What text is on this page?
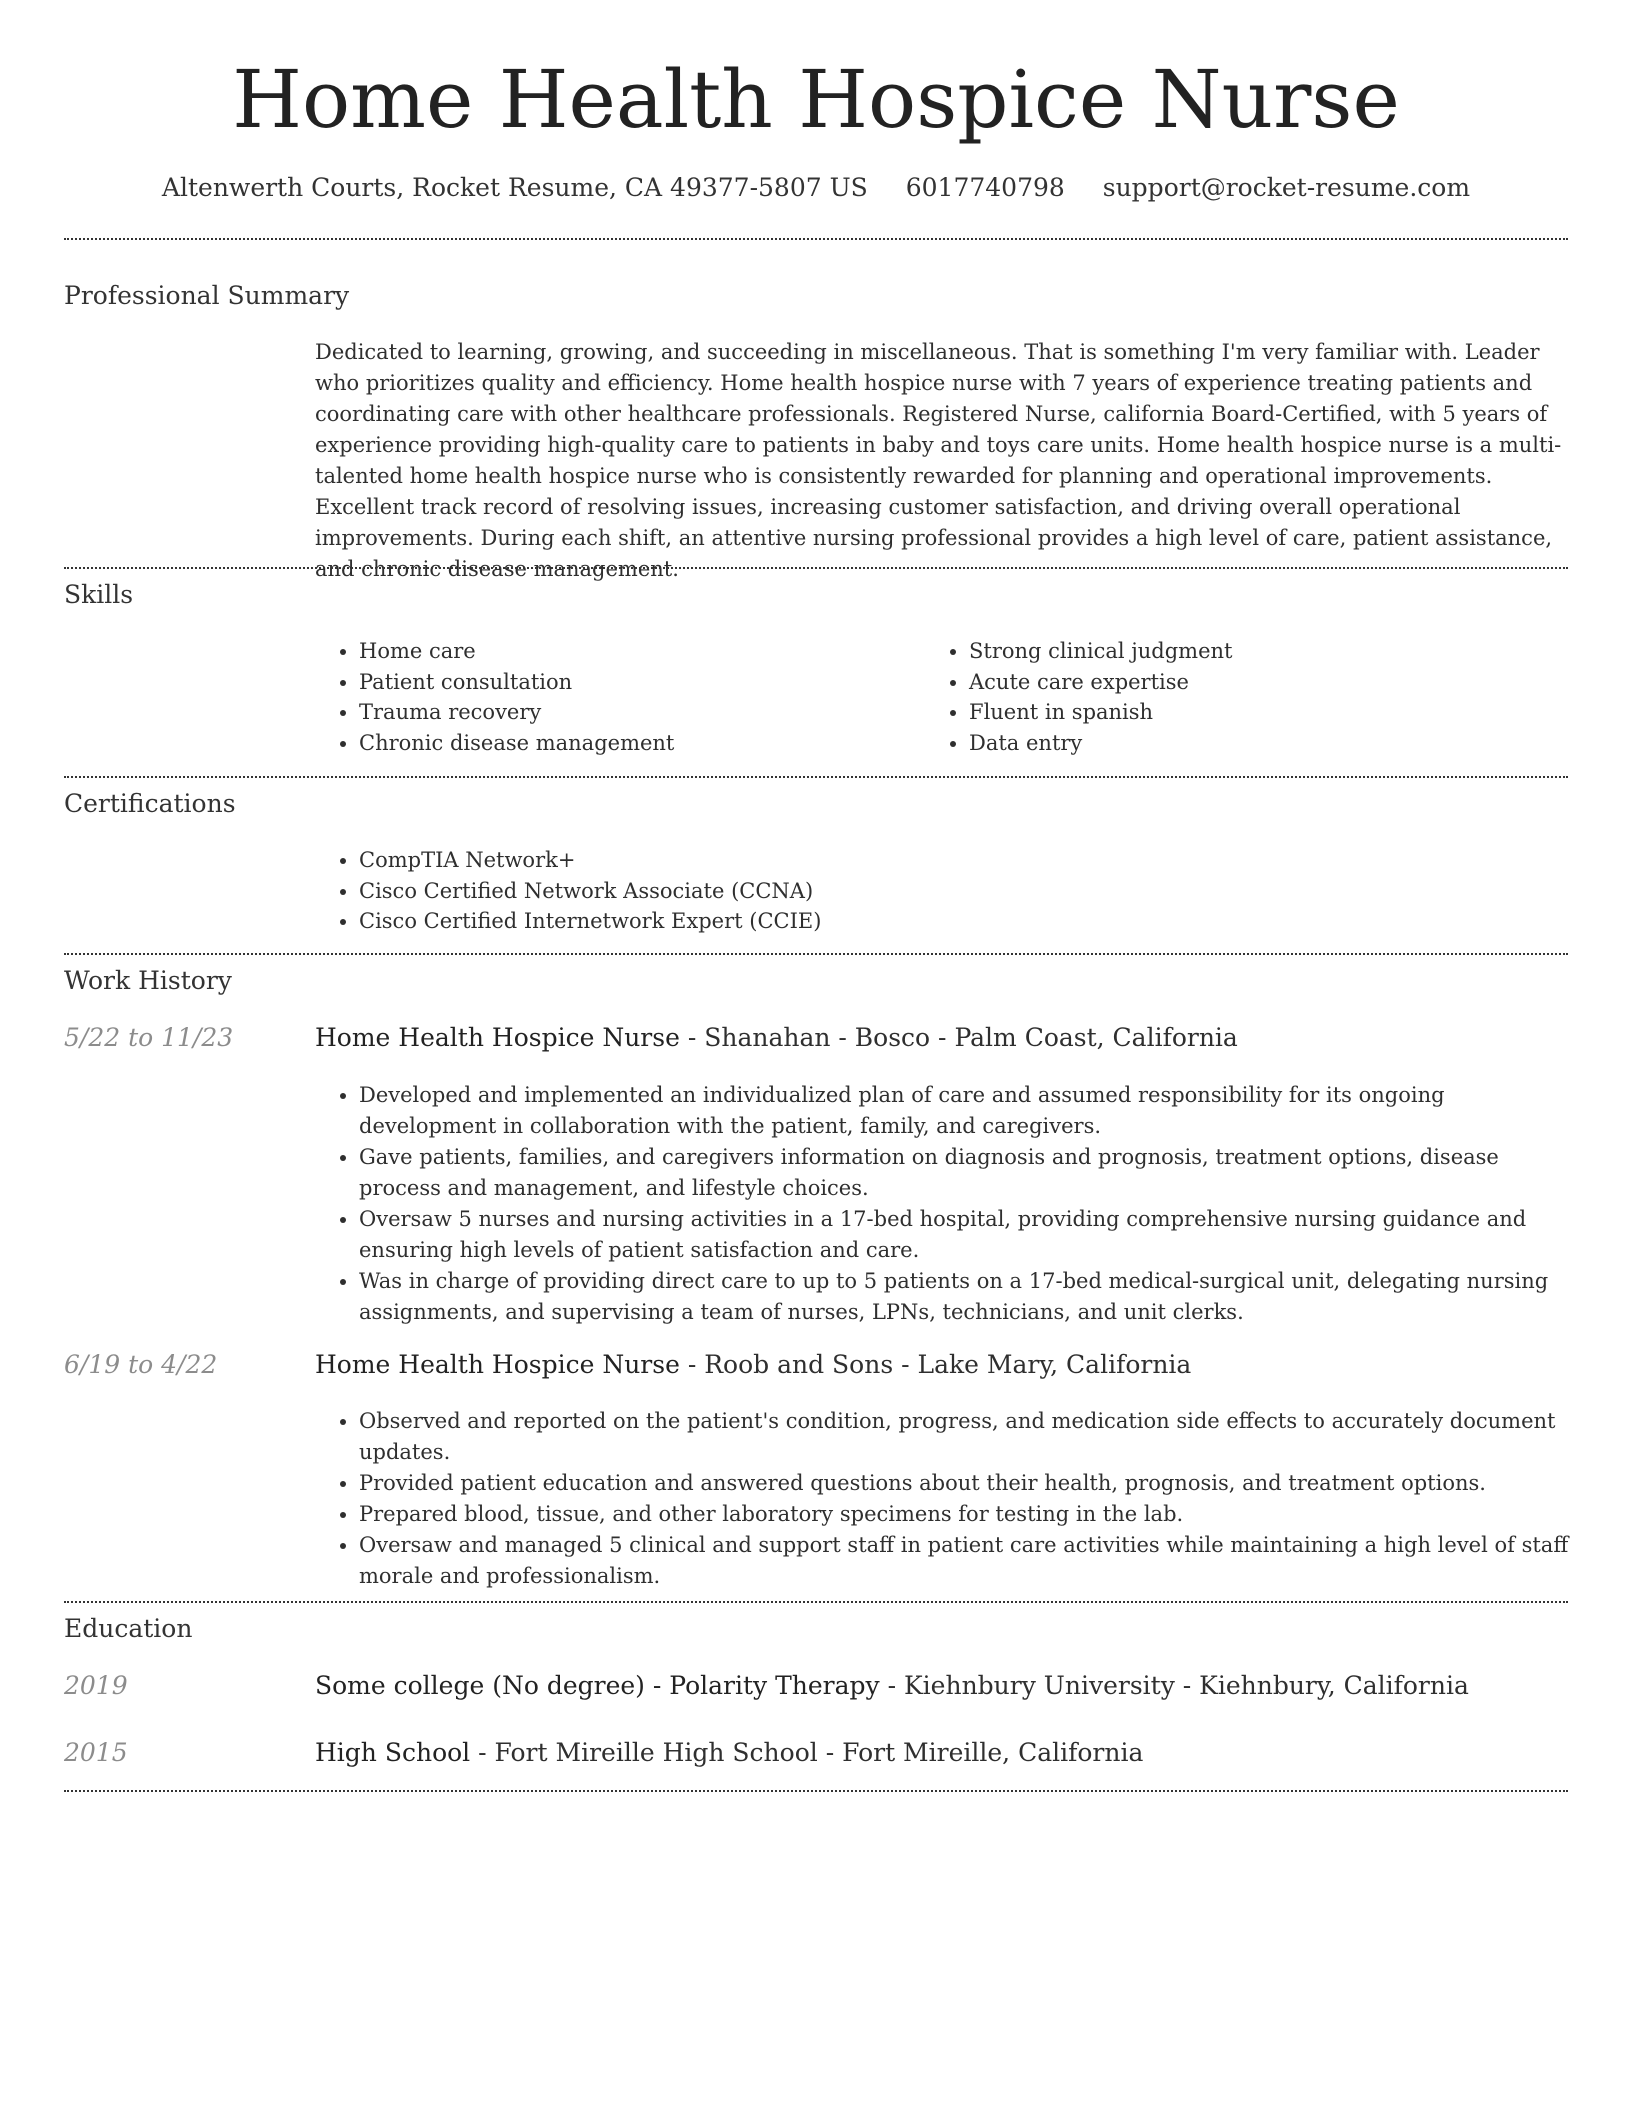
Home Health Hospice Nurse
Altenwerth Courts, Rocket Resume, CA 49377-5807 US 6017740798 support@rocket-resume.com
Professional Summary
Dedicated to learning, growing, and succeeding in miscellaneous. That is something I'm very familiar with. Leader who prioritizes quality and efficiency. Home health hospice nurse with 7 years of experience treating patients and coordinating care with other healthcare professionals. Registered Nurse, california Board-Certified, with 5 years of experience providing high-quality care to patients in baby and toys care units. Home health hospice nurse is a multi-talented home health hospice nurse who is consistently rewarded for planning and operational improvements. Excellent track record of resolving issues, increasing customer satisfaction, and driving overall operational improvements. During each shift, an attentive nursing professional provides a high level of care, patient assistance, and chronic disease management.
Skills
• Home care
• Patient consultation
• Trauma recovery
• Chronic disease management
• Strong clinical judgment
• Acute care expertise
• Fluent in spanish
• Data entry
Certifications
• CompTIA Network+
• Cisco Certified Network Associate (CCNA)
• Cisco Certified Internetwork Expert (CCIE)
Work History
5/22 to 11/23	Home Health Hospice Nurse - Shanahan - Bosco - Palm Coast, California
• Developed and implemented an individualized plan of care and assumed responsibility for its ongoing development in collaboration with the patient, family, and caregivers.
• Gave patients, families, and caregivers information on diagnosis and prognosis, treatment options, disease process and management, and lifestyle choices.
• Oversaw 5 nurses and nursing activities in a 17-bed hospital, providing comprehensive nursing guidance and ensuring high levels of patient satisfaction and care.
• Was in charge of providing direct care to up to 5 patients on a 17-bed medical-surgical unit, delegating nursing assignments, and supervising a team of nurses, LPNs, technicians, and unit clerks.
6/19 to 4/22	Home Health Hospice Nurse - Roob and Sons - Lake Mary, California
• Observed and reported on the patient's condition, progress, and medication side effects to accurately document updates.
• Provided patient education and answered questions about their health, prognosis, and treatment options.
• Prepared blood, tissue, and other laboratory specimens for testing in the lab.
• Oversaw and managed 5 clinical and support staff in patient care activities while maintaining a high level of staff morale and professionalism.
Education
2019	Some college (No degree) - Polarity Therapy - Kiehnbury University - Kiehnbury, California
2015	High School - Fort Mireille High School - Fort Mireille, California
